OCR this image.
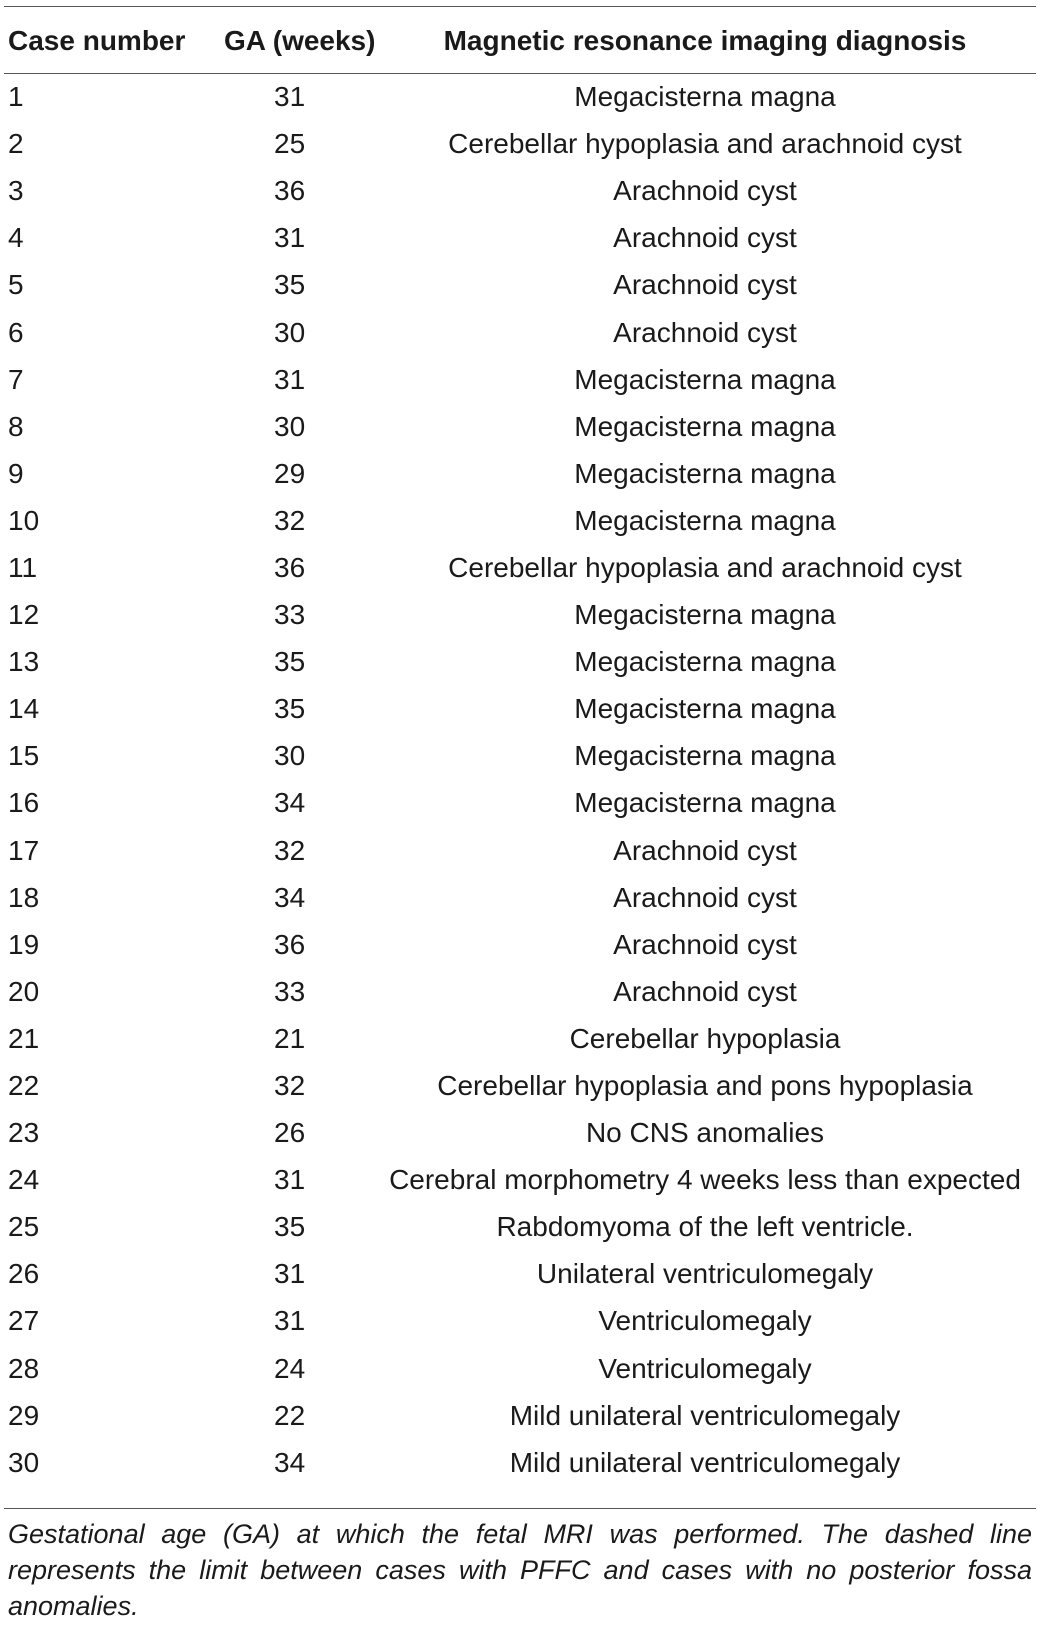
Case number	GA (weeks)	Magnetic resonance imaging diagnosis
1	31	Megacisterna magna
2	25	Cerebellar hypoplasia and arachnoid cyst
3	36	Arachnoid cyst
4	31	Arachnoid cyst
5	35	Arachnoid cyst
6	30	Arachnoid cyst
7	31	Megacisterna magna
8	30	Megacisterna magna
9	29	Megacisterna magna
10	32	Megacisterna magna
11	36	Cerebellar hypoplasia and arachnoid cyst
12	33	Megacisterna magna
13	35	Megacisterna magna
14	35	Megacisterna magna
15	30	Megacisterna magna
16	34	Megacisterna magna
17	32	Arachnoid cyst
18	34	Arachnoid cyst
19	36	Arachnoid cyst
20	33	Arachnoid cyst
21	21	Cerebellar hypoplasia
22	32	Cerebellar hypoplasia and pons hypoplasia
23	26	No CNS anomalies
24	31	Cerebral morphometry 4 weeks less than expected
25	35	Rabdomyoma of the left ventricle.
26	31	Unilateral ventriculomegaly
27	31	Ventriculomegaly
28	24	Ventriculomegaly
29	22	Mild unilateral ventriculomegaly
30	34	Mild unilateral ventriculomegaly
Gestational age (GA) at which the fetal MRI was performed. The dashed line represents the limit between cases with PFFC and cases with no posterior fossa anomalies.
